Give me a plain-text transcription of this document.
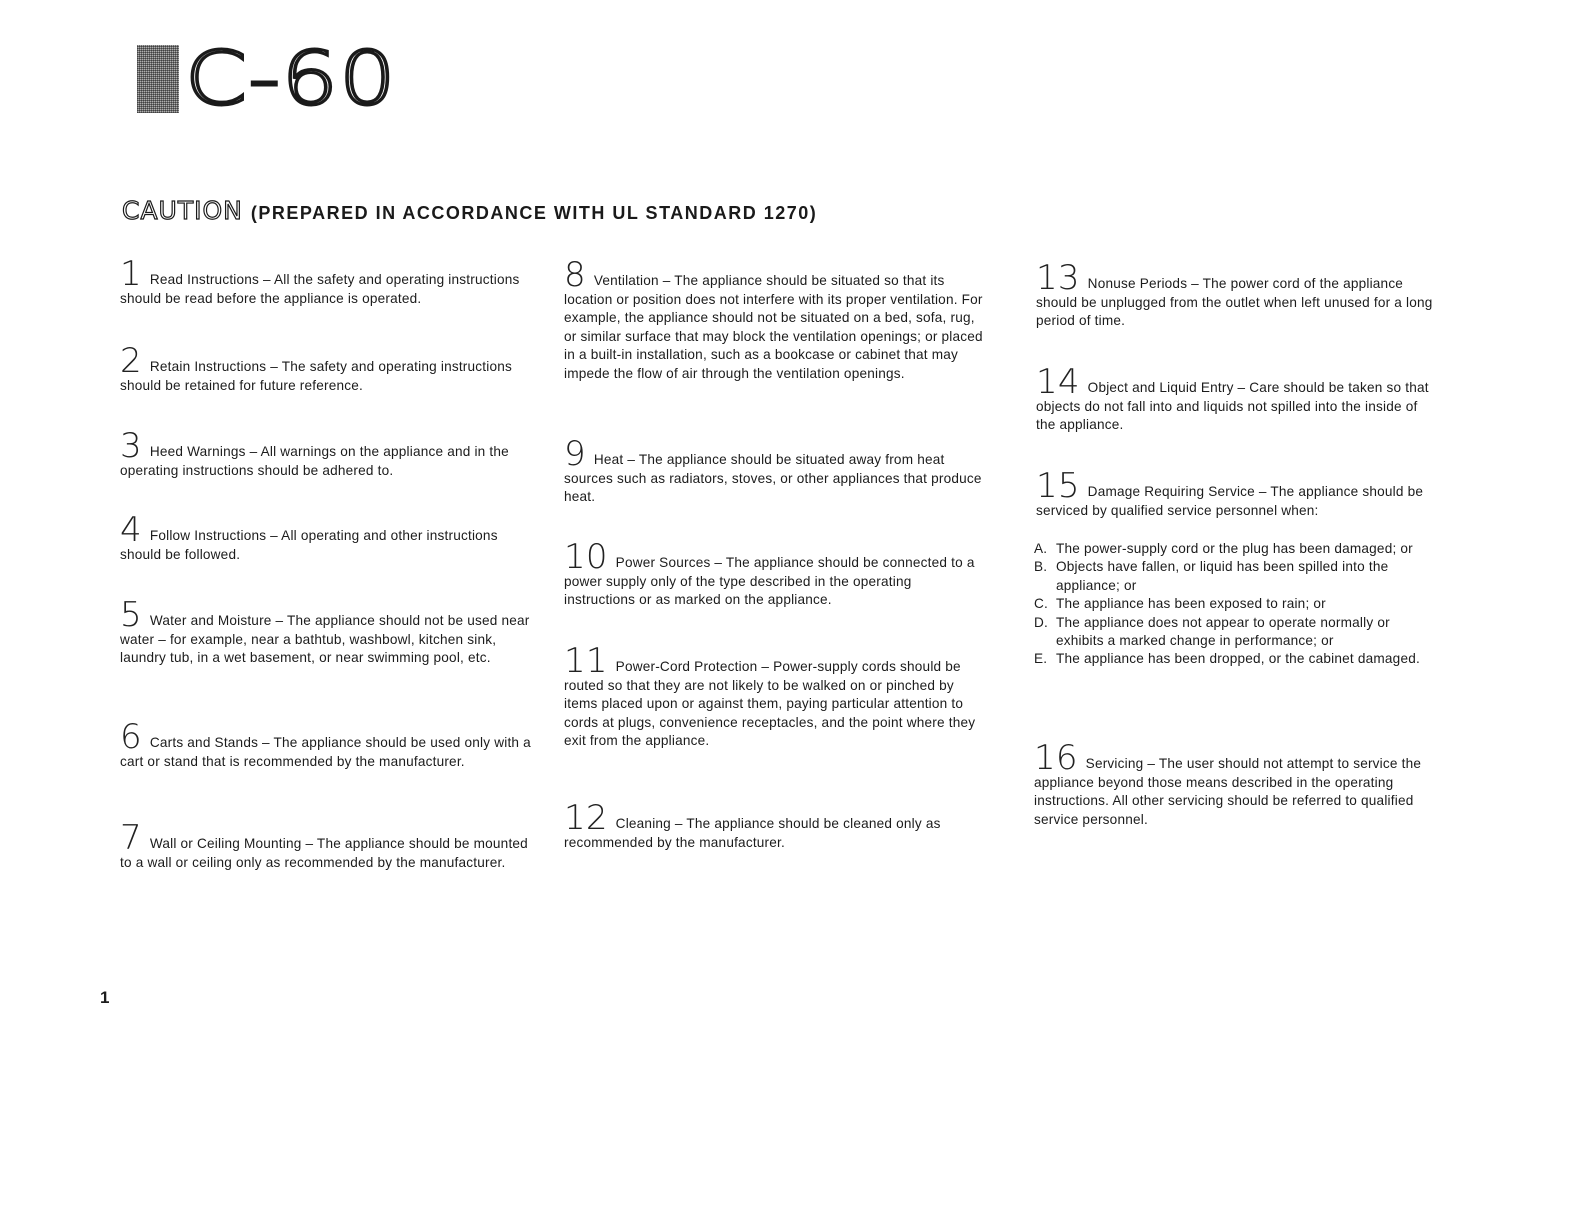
C-60
CAUTION (PREPARED IN ACCORDANCE WITH UL STANDARD 1270)
1 Read Instructions – All the safety and operating instructions should be read before the appliance is operated.
2 Retain Instructions – The safety and operating instructions should be retained for future reference.
3 Heed Warnings – All warnings on the appliance and in the operating instructions should be adhered to.
4 Follow Instructions – All operating and other instructions should be followed.
5 Water and Moisture – The appliance should not be used near water – for example, near a bathtub, washbowl, kitchen sink, laundry tub, in a wet basement, or near swimming pool, etc.
6 Carts and Stands – The appliance should be used only with a cart or stand that is recommended by the manufacturer.
7 Wall or Ceiling Mounting – The appliance should be mounted to a wall or ceiling only as recommended by the manufacturer.
8 Ventilation – The appliance should be situated so that its location or position does not interfere with its proper ventilation. For example, the appliance should not be situated on a bed, sofa, rug, or similar surface that may block the ventilation openings; or placed in a built-in installation, such as a bookcase or cabinet that may impede the flow of air through the ventilation openings.
9 Heat – The appliance should be situated away from heat sources such as radiators, stoves, or other appliances that produce heat.
10 Power Sources – The appliance should be connected to a power supply only of the type described in the operating instructions or as marked on the appliance.
11 Power-Cord Protection – Power-supply cords should be routed so that they are not likely to be walked on or pinched by items placed upon or against them, paying particular attention to cords at plugs, convenience receptacles, and the point where they exit from the appliance.
12 Cleaning – The appliance should be cleaned only as recommended by the manufacturer.
13 Nonuse Periods – The power cord of the appliance should be unplugged from the outlet when left unused for a long period of time.
14 Object and Liquid Entry – Care should be taken so that objects do not fall into and liquids not spilled into the inside of the appliance.
15 Damage Requiring Service – The appliance should be serviced by qualified service personnel when:
A. The power-supply cord or the plug has been damaged; or
B. Objects have fallen, or liquid has been spilled into the appliance; or
C. The appliance has been exposed to rain; or
D. The appliance does not appear to operate normally or exhibits a marked change in performance; or
E. The appliance has been dropped, or the cabinet damaged.
16 Servicing – The user should not attempt to service the appliance beyond those means described in the operating instructions. All other servicing should be referred to qualified service personnel.
1
